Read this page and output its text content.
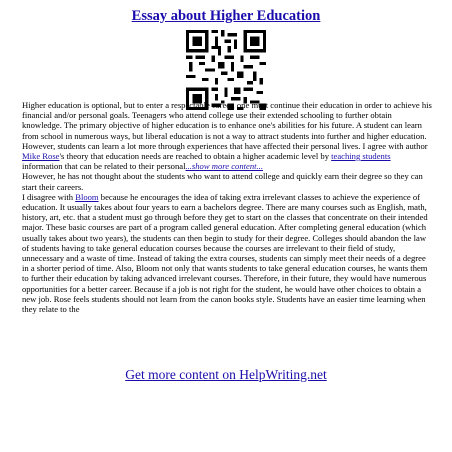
Essay about Higher Education

Higher education is optional, but to enter a respectable career, one must continue their education in order to achieve his financial and/or personal goals. Teenagers who attend college use their extended schooling to further obtain knowledge. The primary objective of higher education is to enhance one's abilities for his future. A student can learn from school in numerous ways, but liberal education is not a way to attract students into further and higher education. However, students can learn a lot more through experiences that have affected their personal lives. I agree with author Mike Rose's theory that education needs are reached to obtain a higher academic level by teaching students information that can be related to their personal...show more content...

However, he has not thought about the students who want to attend college and quickly earn their degree so they can start their careers.

I disagree with Bloom because he encourages the idea of taking extra irrelevant classes to achieve the experience of education. It usually takes about four years to earn a bachelors degree. There are many courses such as English, math, history, art, etc. that a student must go through before they get to start on the classes that concentrate on their intended major. These basic courses are part of a program called general education. After completing general education (which usually takes about two years), the students can then begin to study for their degree. Colleges should abandon the law of students having to take general education courses because the courses are irrelevant to their field of study, unnecessary and a waste of time. Instead of taking the extra courses, students can simply meet their needs of a degree in a shorter period of time. Also, Bloom not only that wants students to take general education courses, he wants them to further their education by taking advanced irrelevant courses. Therefore, in their future, they would have numerous opportunities for a better career. Because if a job is not right for the student, he would have other choices to obtain a new job. Rose feels students should not learn from the canon books style. Students have an easier time learning when they relate to the

Get more content on HelpWriting.net
